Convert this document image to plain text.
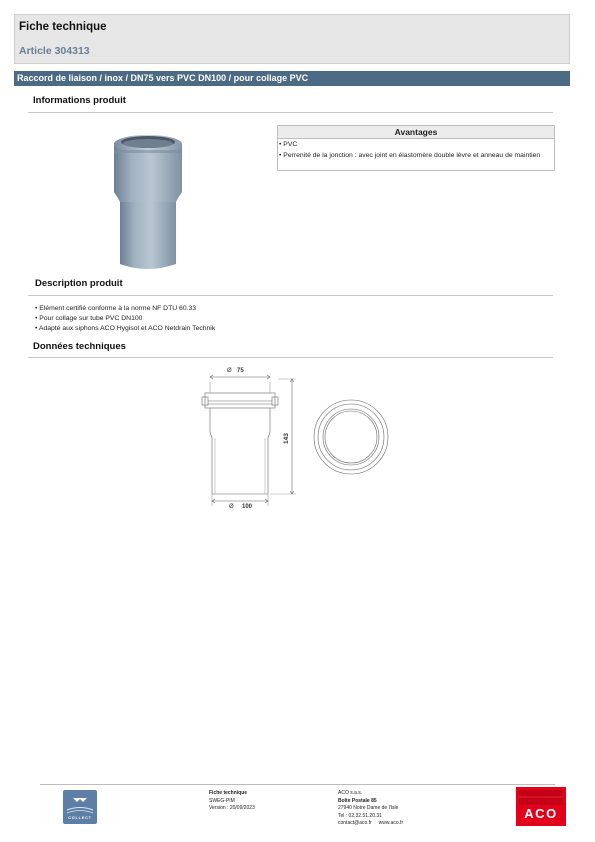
Fiche technique
Article 304313
Raccord de liaison / inox / DN75 vers PVC DN100 / pour collage PVC
Informations produit
Avantages
• PVC
• Perrenité de la jonction : avec joint en élastomère double lèvre et anneau de maintien
Description produit
• Elément certifié conforme à la norme NF DTU 60.33
• Pour collage sur tube PVC DN100
• Adapté aux siphons ACO Hygisol et ACO Netdrain Technik
Données techniques
Ø 75
Ø 100
143
COLLECT
Fiche technique
SWEG-PIM
Version : 20/09/2023
ACO s.a.s.
Boîte Postale 85
27940 Notre Dame de l'Isle
Tel : 02.32.51.20.31
contact@aco.fr www.aco.fr
ACO
